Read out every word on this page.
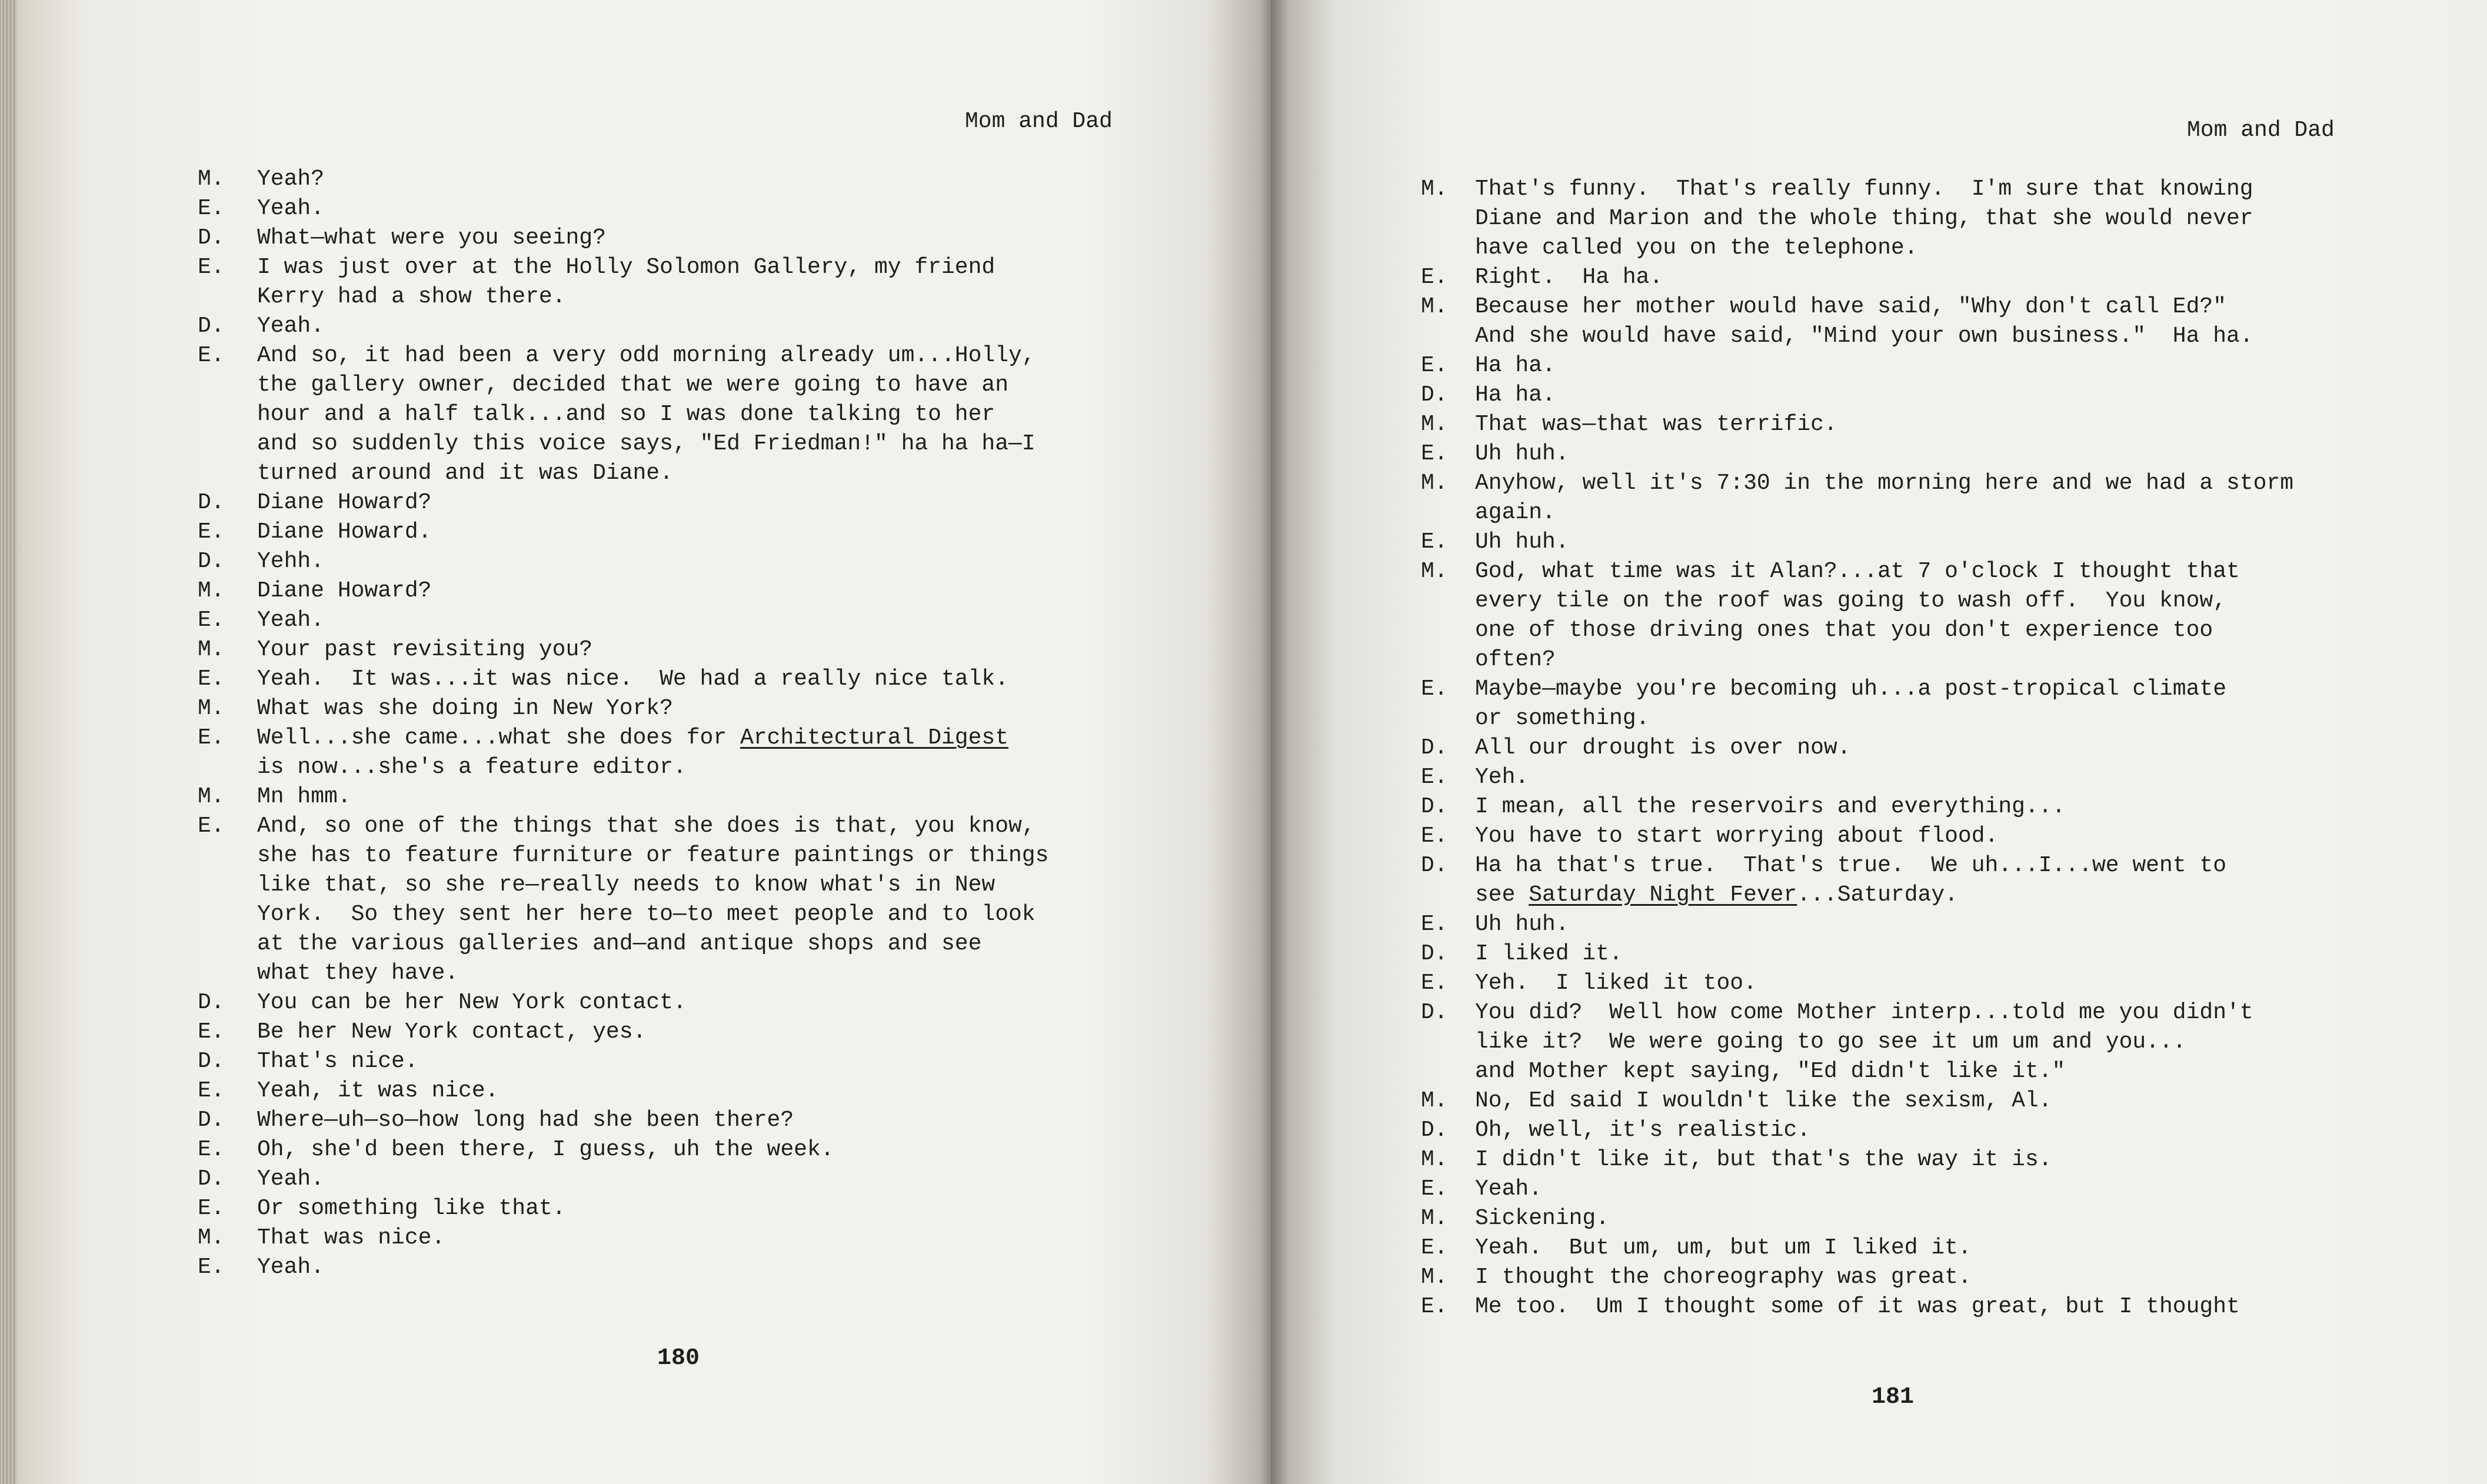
Mom and Dad
M. Yeah?
E. Yeah.
D. What—what were you seeing?
E. I was just over at the Holly Solomon Gallery, my friend
Kerry had a show there.
D. Yeah.
E. And so, it had been a very odd morning already um...Holly,
the gallery owner, decided that we were going to have an
hour and a half talk...and so I was done talking to her
and so suddenly this voice says, "Ed Friedman!" ha ha ha—I
turned around and it was Diane.
D. Diane Howard?
E. Diane Howard.
D. Yehh.
M. Diane Howard?
E. Yeah.
M. Your past revisiting you?
E. Yeah.  It was...it was nice.  We had a really nice talk.
M. What was she doing in New York?
E. Well...she came...what she does for Architectural Digest
is now...she's a feature editor.
M. Mn hmm.
E. And, so one of the things that she does is that, you know,
she has to feature furniture or feature paintings or things
like that, so she re—really needs to know what's in New
York.  So they sent her here to—to meet people and to look
at the various galleries and—and antique shops and see
what they have.
D. You can be her New York contact.
E. Be her New York contact, yes.
D. That's nice.
E. Yeah, it was nice.
D. Where—uh—so—how long had she been there?
E. Oh, she'd been there, I guess, uh the week.
D. Yeah.
E. Or something like that.
M. That was nice.
E. Yeah.
180
Mom and Dad
M. That's funny.  That's really funny.  I'm sure that knowing
Diane and Marion and the whole thing, that she would never
have called you on the telephone.
E. Right.  Ha ha.
M. Because her mother would have said, "Why don't call Ed?"
And she would have said, "Mind your own business."  Ha ha.
E. Ha ha.
D. Ha ha.
M. That was—that was terrific.
E. Uh huh.
M. Anyhow, well it's 7:30 in the morning here and we had a storm
again.
E. Uh huh.
M. God, what time was it Alan?...at 7 o'clock I thought that
every tile on the roof was going to wash off.  You know,
one of those driving ones that you don't experience too
often?
E. Maybe—maybe you're becoming uh...a post-tropical climate
or something.
D. All our drought is over now.
E. Yeh.
D. I mean, all the reservoirs and everything...
E. You have to start worrying about flood.
D. Ha ha that's true.  That's true.  We uh...I...we went to
see Saturday Night Fever...Saturday.
E. Uh huh.
D. I liked it.
E. Yeh.  I liked it too.
D. You did?  Well how come Mother interp...told me you didn't
like it?  We were going to go see it um um and you...
and Mother kept saying, "Ed didn't like it."
M. No, Ed said I wouldn't like the sexism, Al.
D. Oh, well, it's realistic.
M. I didn't like it, but that's the way it is.
E. Yeah.
M. Sickening.
E. Yeah.  But um, um, but um I liked it.
M. I thought the choreography was great.
E. Me too.  Um I thought some of it was great, but I thought
181
